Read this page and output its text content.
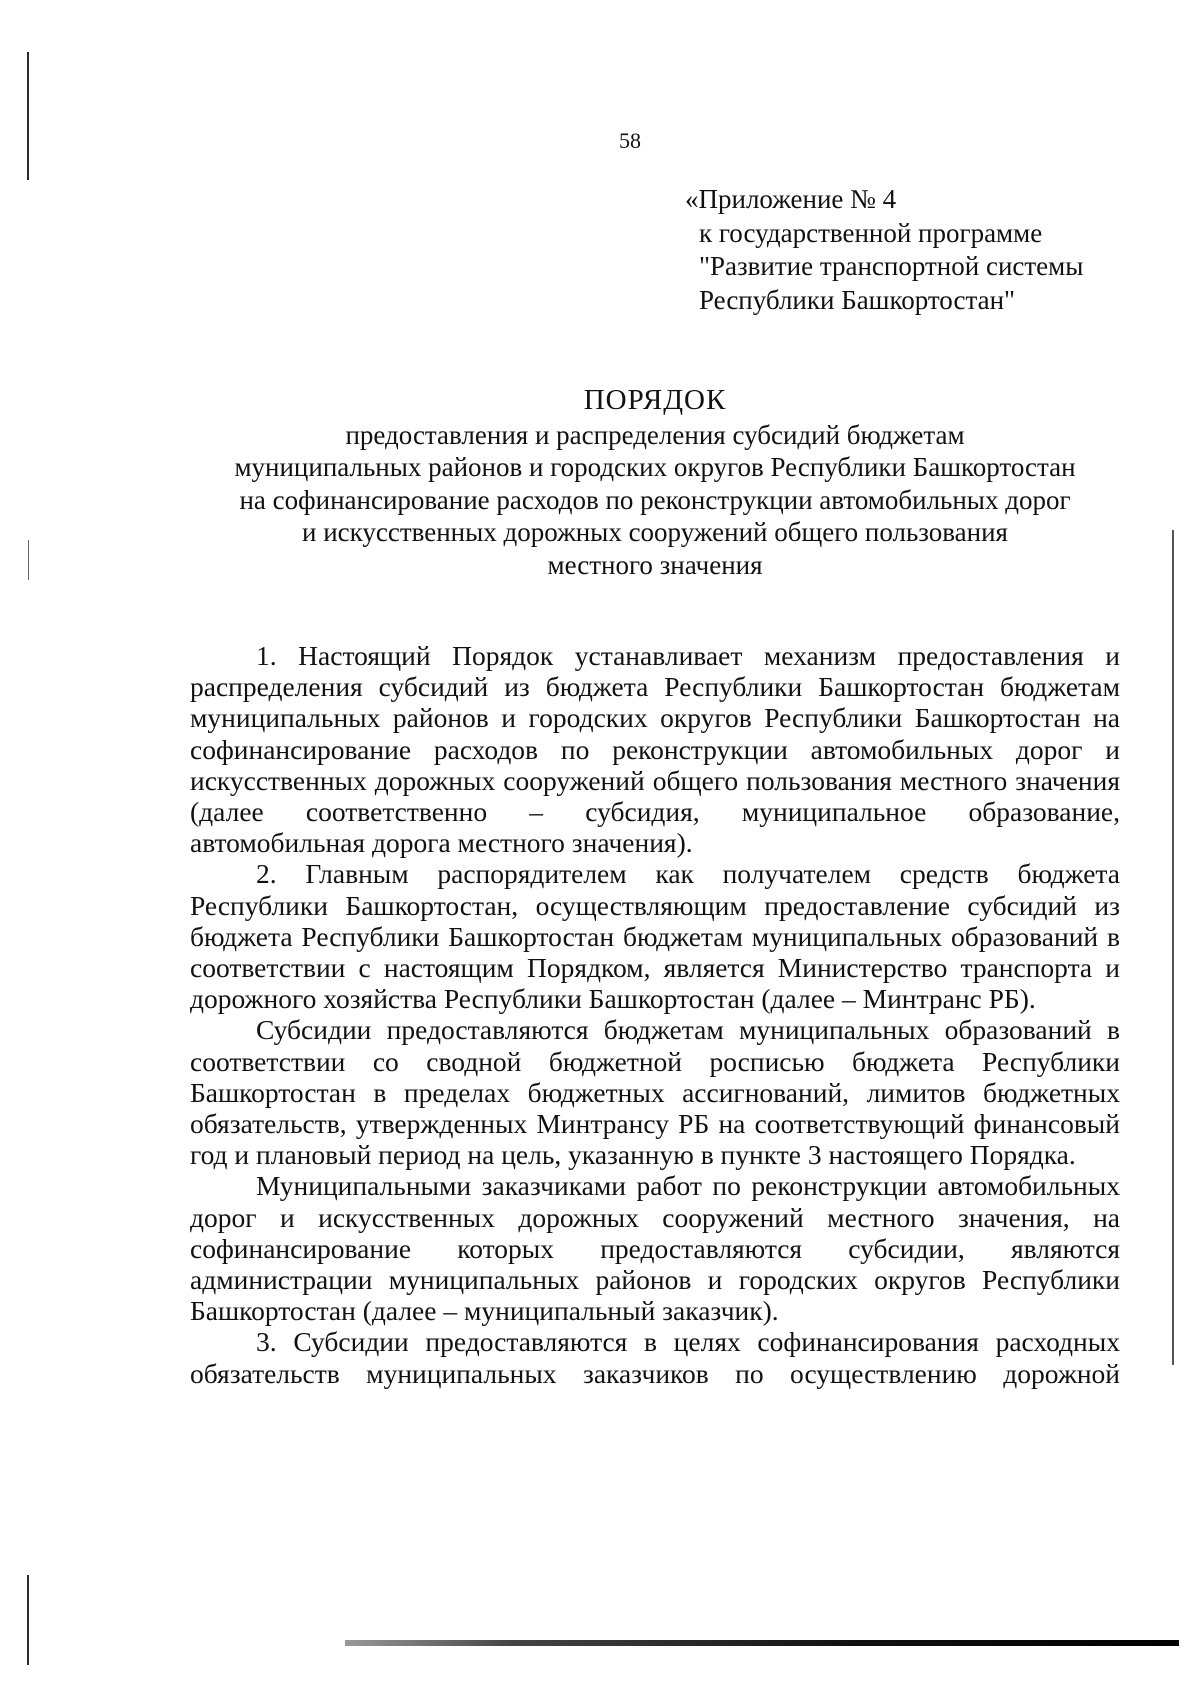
58
«Приложение № 4
к государственной программе
"Развитие транспортной системы
Республики Башкортостан"
ПОРЯДОК
предоставления и распределения субсидий бюджетам
муниципальных районов и городских округов Республики Башкортостан
на софинансирование расходов по реконструкции автомобильных дорог
и искусственных дорожных сооружений общего пользования
местного значения

1. Настоящий Порядок устанавливает механизм предоставления и распределения субсидий из бюджета Республики Башкортостан бюджетам муниципальных районов и городских округов Республики Башкортостан на софинансирование расходов по реконструкции автомобильных дорог и искусственных дорожных сооружений общего пользования местного значения (далее соответственно – субсидия, муниципальное образование, автомобильная дорога местного значения).

2. Главным распорядителем как получателем средств бюджета Республики Башкортостан, осуществляющим предоставление субсидий из бюджета Республики Башкортостан бюджетам муниципальных образований в соответствии с настоящим Порядком, является Министерство транспорта и дорожного хозяйства Республики Башкортостан (далее – Минтранс РБ).

Субсидии предоставляются бюджетам муниципальных образований в соответствии со сводной бюджетной росписью бюджета Республики Башкортостан в пределах бюджетных ассигнований, лимитов бюджетных обязательств, утвержденных Минтрансу РБ на соответствующий финансовый год и плановый период на цель, указанную в пункте 3 настоящего Порядка.

Муниципальными заказчиками работ по реконструкции автомобильных дорог и искусственных дорожных сооружений местного значения, на софинансирование которых предоставляются субсидии, являются администрации муниципальных районов и городских округов Республики Башкортостан (далее – муниципальный заказчик).

3. Субсидии предоставляются в целях софинансирования расходных обязательств муниципальных заказчиков по осуществлению дорожной
